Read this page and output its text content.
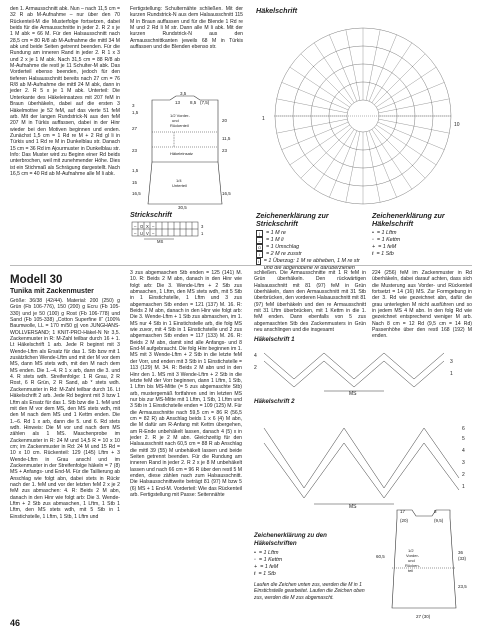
den 1. Armausschnitt abk. Nun – nach 11,5 cm = 32 R ab M-Aufnahme – nur über den 70 Rückenteil-M die Musterfolge fortsetzen, dabei beids für die Armausschnitte in jeder 2. R 2 x je 1 M abk = 66 M. Für den Halsausschnitt nach 28,5 cm = 80 R/8 ab M-Aufnahme die mittl 34 M abk und beide Seiten getrennt beenden. Für die Rundung am inneren Rand in jeder 2. R 1 x 3 und 2 x je 1 M abk. Nach 31,5 cm = 88 R/8 ab M-Aufnahme die restl je 11 Schulter-M abk. Das Vorderteil ebenso beenden, jedoch für den tieferen Halsausschnitt bereits nach 27 cm = 76 R/8 ab M-Aufnahme die mittl 24 M abk, dann in jeder 2. R 5 x je 1 M abk. Unterteil: Die Unterkante des Häkeleinsatzes mit 207 feM in Braun überhäkeln, dabei auf die ersten 3 Häkelmotive je 52 feM, auf das vierte 51 feM arb. Mit der langen Rundstrick-N aus den feM 207 M in Türkis auffassen, dabei in der Hinr wieder bei den Motiven beginnen und enden. Zunächst 1,5 cm = 1 Rd re M + 2 Rd gl li in Türkis und 1 Rd re M in Dunkelblau str. Danach 15 cm = 36 Rd im Ajourmuster in Dunkelblau str. Info: Das Muster wird zu Beginn einer Rd beids unterbrochen, weil mit zunehmender Höhe. Dies ist ein Stichmaß als Schrägung dargestellt. Nach 16,5 cm = 40 Rd ab M-Aufnahme alle M li abk.

Fertigstellung: Schulternähte schließen. Mit der kurzen Rundstrick-N aus dem Halsausschnitt 115 M in Braun auffassen und für die Blende 1 Rd re M und 2 Rd li M str. Dann alle M li abk. Mit der kurzen Rundstrick-N aus den Armausschnittkanten jeweils 68 M in Türkis auffassen und die Blenden ebenso str.

3,5
13 8,5 (7,5)
3
1,5
27
1/2 Vorder-
und
Rückenteil
20
11,5
23
Häkeleinsatz
23
1,5
15	1/4
Unterteil
16,5	16,5
30,5
Strickschrift
– O X –
– U V –
3
1
MS
Häkelschrift
10
1
Zeichenerklärung zur Strickschrift
|	= 1 M re
– = 1 M li
O = 1 Umschlag
/	= 2 M re zusstr
\ = 1 Überzug: 1 M re abheben, 1 M re str und die abgehobene M darüberziehen
Zeichenerklärung zur Häkelschrift
• = 1 Lftm
◦ = 1 Kettm
+ = 1 feM
ŧ = 1 Stb
Modell 30
Tunika mit Zackenmuster

Größe: 36/38 (42/44). Material: 200 (250) g Grün (Fb 106-776), 150 (200) g Ecru (Fb 105-330) und je 50 (100) g Rost (Fb 106-778) und Sand (Fb 105-338) „Cotton Superfine II“ (100% Baumwolle, LL = 170 m/50 g) von JUNGHANS-WOLLVERSAND; 1 KNIT-PRO-Häkel-N Nr 3,5. Zackenmuster in R: M-Zahl teilbar durch 16 + 1. Lt Häkelschrift 1 arb. Jede R beginnt mit 3 Wende-Lftm als Ersatz für das 1. Stb bzw mit 1 zusätzlichen Wende-Lftm und mit der M vor dem MS, dann MS stets wdh, mit den M nach dem MS enden. Die 1.–4. R 1 x arb, dann die 3. und 4. R stets wdh. Streifenfolge: 1 R Grau, 2 R Rost, 6 R Grün, 2 R Sand, ab * stets wdh. Zackenmuster in Rd: M-Zahl teilbar durch 16. Lt Häkelschrift 2 arb. Jede Rd beginnt mit 3 bzw 1 Lftm als Ersatz für das 1. Stb bzw die 1. feM und mit den M vor dem MS, den MS stets wdh, mit den M nach dem MS und 1 Kettm enden. Die 1.–6. Rd 1 x arb, dann die 5. und 6. Rd stets wdh. Hinweis: Die M vor und nach dem MS zählen als 1 MS. Maschenprobe im Zackenmuster in R: 24 M und 14,5 R = 10 x 10 cm; im Zackenmuster in Rd: 24 M und 15 Rd = 10 x 10 cm. Rückenteil: 129 (145) Lftm + 3 Wende-Lftm in Grau anschl und im Zackenmuster in der Streifenfolge häkeln = 7 (8) MS + Anfangs- und End-M. Für die Taillierung ab Anschlag wie folgt abn, dabei stets in Rückr nach der 1. feM und vor der letzten feM 2 x je 2 feM zus abmaschen: 4. R: Beids 2 M abn, danach in den Hinr wie folgt arb: Die 3. Wende-Lftm + 2 Stb zus abmaschen, 1 Lftm, 1 Stb 1 Lftm, den MS stets wdh, mit 5 Stb in 1 Einstichstelle, 1 Lftm, 1 Stb, 1 Lftm und

3 zus abgemaschen Stb enden = 125 (141) M. 10. R: Beids 2 M abn, danach in den Hinr wie folgt arb: Die 3. Wende-Lftm + 2 Stb zus abmaschen, 1 Lftm, den MS stets wdh, mit 5 Stb in 1 Einstichstelle, 1 Lftm und 3 zus abgemaschen Stb enden = 121 (137) M. 16. R: Beids 2 M abn, danach in den Hinr wie folgt arb: Die 3. Wende-Lftm + 1 Stb zus abmaschen, im 1. MS nur 4 Stb in 1 Einstichstelle arb, die folg MS wie zuvor, mit 4 Stb in 1 Einstichstelle und 2 zus abgemaschen Stb enden = 117 (133) M. 26. R: Beids 2 M abn, damit sind alle Anfangs- und 8 End-M aufgebraucht. Die folg Hinr beginnen im 1. MS mit 3 Wende-Lftm + 2 Stb in die letzte feM der Vorr, und enden mit 3 Stb in 1 Einstichstelle = 113 (129) M. 34. R: Beids 2 M abn und in den Hinr den 1. MS mit 3 Wende-Lftm + 2 Stb in die letzte feM der Vorr beginnen, dann 1 Lftm, 1 Stb, 1 Lftm bis MS-Mitte (= 5 zus abgemaschte Stb) arb, mustergemäß fortfahren und im letzten MS nur bis zur MS-Mitte mit 1 Lftm, 1 Stb, 1 Lftm und 3 Stb in 1 Einstichstelle enden = 109 (125) M. Für die Armausschnitte nach 59,5 cm = 86 R (56,5 cm = 82 R) ab Anschlag beids 1 x 6 (4) M abn, die M dafür am R-Anfang mit Kettm übergehen, am R-Ende unbehäkelt lassen, danach 4 (5) x in jeder 2. R je 2 M abn. Gleichzeitig für den Halsausschnitt nach 60,5 cm = 88 R ab Anschlag die mittl 39 (55) M unbehäkelt lassen und beide Seiten getrennt beenden. Für die Rundung am inneren Rand in jeder 2. R 2 x je 8 M unbehäkelt lassen und nach 66 cm = 96 R über den restl 5 M enden, diese zählen nach zum Halsausschnitt. Die Halsausschnittweite beträgt 81 (97) M bzw 5 (6) MS + 1 End-M. Vorderteil: Wie das Rückenteil arb. Fertigstellung mit Passe: Seitennähte

schließen. Die Armausschnitte mit 1 R feM in Grün überhäkeln. Den rückwärtigen Halsausschnitt mit 81 (97) feM in Grün überhäkeln, dann den Armausschnitt mit 31 Stb überbrücken, den vorderen Halsausschnitt mit 81 (97) feM überhäkeln und den re Armausschnitt mit 31 Lftm überbrücken, mit 1 Kettm in die 1. feM enden. Dann ebenfalls von 5 zus abgemaschten Stb des Zackenmusters in Grün neu anschlingen und die insgesamt

224 (256) feM im Zackenmuster in Rd überhäkeln, dabei darauf achten, dass sich die Musterung aus Vorder- und Rückenteil fortsetzt = 14 (16) MS. Zur Formgebung in der 3. Rd wie gezeichnet abn, dafür die grau unterlegten M nicht ausführen und so in jedem MS 4 M abn. In den folg Rd wie gezeichnet entsprechend weniger M arb. Nach 8 cm = 12 Rd (9,5 cm = 14 Rd) Passenhöhe über den restl 168 (192) M enden.

Häkelschrift 1
4
2
3
1
MS
Häkelschrift 2
6
5
4
3
2
1
MS
Zeichenerklärung zu den Häkelschriften
• = 1 Lftm
◦ = 1 Kettm
+ = 1 feM
ŧ = 1 Stb
Laufen die Zeichen unten zus, werden die M in 1 Einstichstelle gearbeitet. Laufen die Zeichen oben zus, werden die M zus abgemascht.
17
(20)
8
(9,5)
60,5
1/2
Vorder-
und
Rücken-
teil
36
(33)
23,5
27 (30)
46
